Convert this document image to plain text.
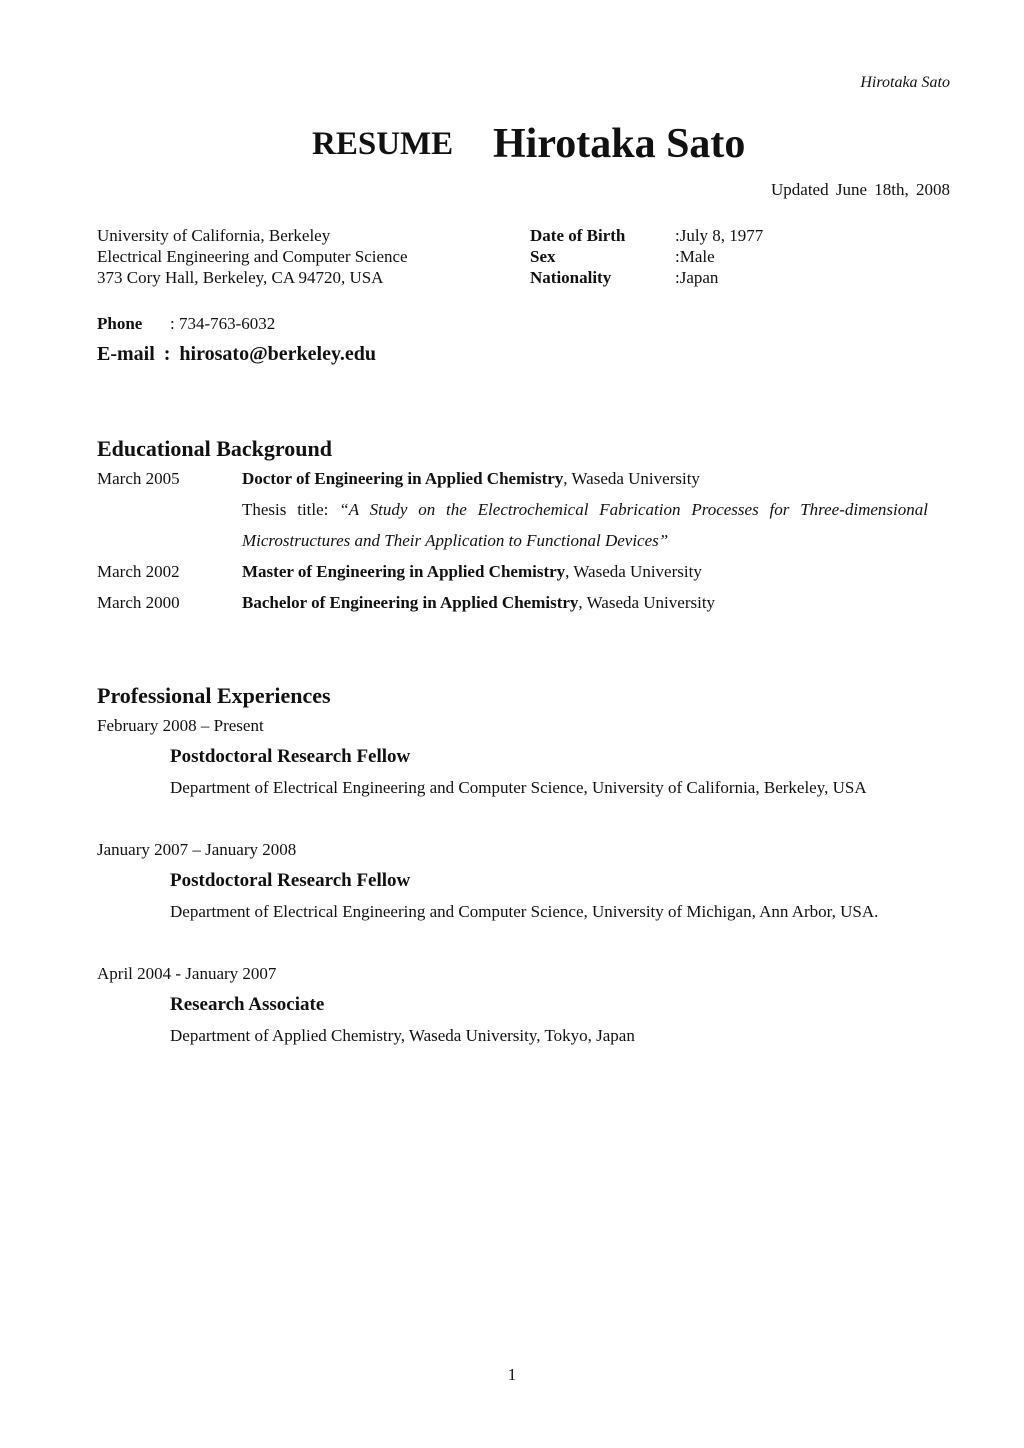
Hirotaka Sato
RESUME Hirotaka Sato
Updated June 18th, 2008
University of California, Berkeley
Electrical Engineering and Computer Science
373 Cory Hall, Berkeley, CA 94720, USA
Date of Birth	:July 8, 1977
Sex	:Male
Nationality	:Japan
Phone : 734-763-6032
E-mail : hirosato@berkeley.edu
Educational Background
March 2005	Doctor of Engineering in Applied Chemistry, Waseda University
Thesis title: “A Study on the Electrochemical Fabrication Processes for Three-dimensional
Microstructures and Their Application to Functional Devices”
March 2002	Master of Engineering in Applied Chemistry, Waseda University
March 2000	Bachelor of Engineering in Applied Chemistry, Waseda University
Professional Experiences
February 2008 – Present
Postdoctoral Research Fellow
Department of Electrical Engineering and Computer Science, University of California, Berkeley, USA
January 2007 – January 2008
Postdoctoral Research Fellow
Department of Electrical Engineering and Computer Science, University of Michigan, Ann Arbor, USA.
April 2004 - January 2007
Research Associate
Department of Applied Chemistry, Waseda University, Tokyo, Japan
1
